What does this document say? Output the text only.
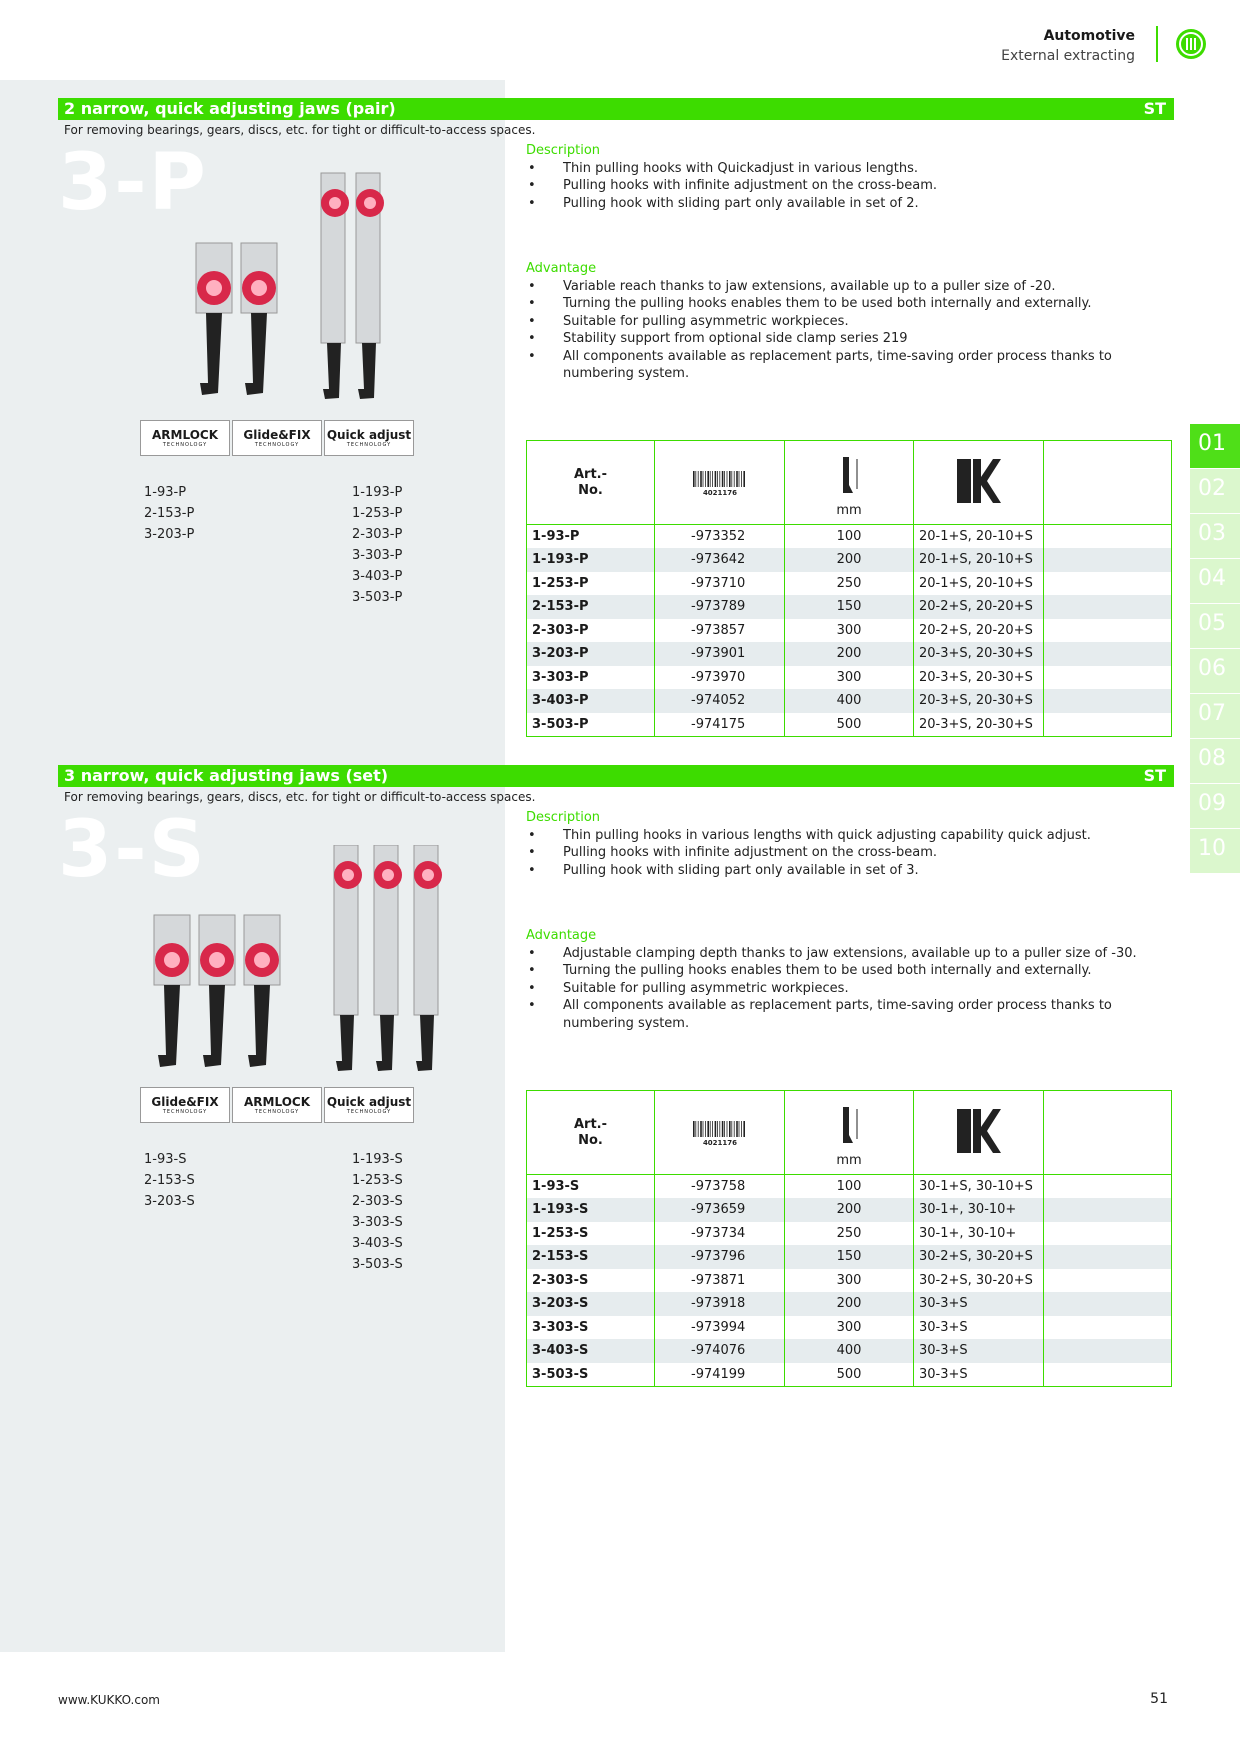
Automotive
External extracting
01
02
03
04
05
06
07
08
09
10
2 narrow, quick adjusting jaws (pair)	ST
For removing bearings, gears, discs, etc. for tight or difficult-to-access spaces.
3-P
ARMLOCK
TECHNOLOGY
Glide&FIX
TECHNOLOGY
Quick adjust
TECHNOLOGY
1-93-P
2-153-P
3-203-P
1-193-P
1-253-P
2-303-P
3-303-P
3-403-P
3-503-P
Description
• Thin pulling hooks with Quickadjust in various lengths.
• Pulling hooks with infinite adjustment on the cross-beam.
• Pulling hook with sliding part only available in set of 2.
Advantage
• Variable reach thanks to jaw extensions, available up to a puller size of -20.
• Turning the pulling hooks enables them to be used both internally and externally.
• Suitable for pulling asymmetric workpieces.
• Stability support from optional side clamp series 219
• All components available as replacement parts, time-saving order process thanks to numbering system.
Art.-
No.	4021176	mm

1-93-P	-973352	100	20-1+S, 20-10+S	
1-193-P	-973642	200	20-1+S, 20-10+S	
1-253-P	-973710	250	20-1+S, 20-10+S	
2-153-P	-973789	150	20-2+S, 20-20+S	
2-303-P	-973857	300	20-2+S, 20-20+S	
3-203-P	-973901	200	20-3+S, 20-30+S	
3-303-P	-973970	300	20-3+S, 20-30+S	
3-403-P	-974052	400	20-3+S, 20-30+S	
3-503-P	-974175	500	20-3+S, 20-30+S	
3 narrow, quick adjusting jaws (set)	ST
For removing bearings, gears, discs, etc. for tight or difficult-to-access spaces.
3-S
Glide&FIX
TECHNOLOGY
ARMLOCK
TECHNOLOGY
Quick adjust
TECHNOLOGY
1-93-S
2-153-S
3-203-S
1-193-S
1-253-S
2-303-S
3-303-S
3-403-S
3-503-S
Description
• Thin pulling hooks in various lengths with quick adjusting capability quick adjust.
• Pulling hooks with infinite adjustment on the cross-beam.
• Pulling hook with sliding part only available in set of 3.
Advantage
• Adjustable clamping depth thanks to jaw extensions, available up to a puller size of -30.
• Turning the pulling hooks enables them to be used both internally and externally.
• Suitable for pulling asymmetric workpieces.
• All components available as replacement parts, time-saving order process thanks to numbering system.
Art.-
No.	4021176	mm

1-93-S	-973758	100	30-1+S, 30-10+S	
1-193-S	-973659	200	30-1+, 30-10+	
1-253-S	-973734	250	30-1+, 30-10+	
2-153-S	-973796	150	30-2+S, 30-20+S	
2-303-S	-973871	300	30-2+S, 30-20+S	
3-203-S	-973918	200	30-3+S	
3-303-S	-973994	300	30-3+S	
3-403-S	-974076	400	30-3+S	
3-503-S	-974199	500	30-3+S	
www.KUKKO.com	51
